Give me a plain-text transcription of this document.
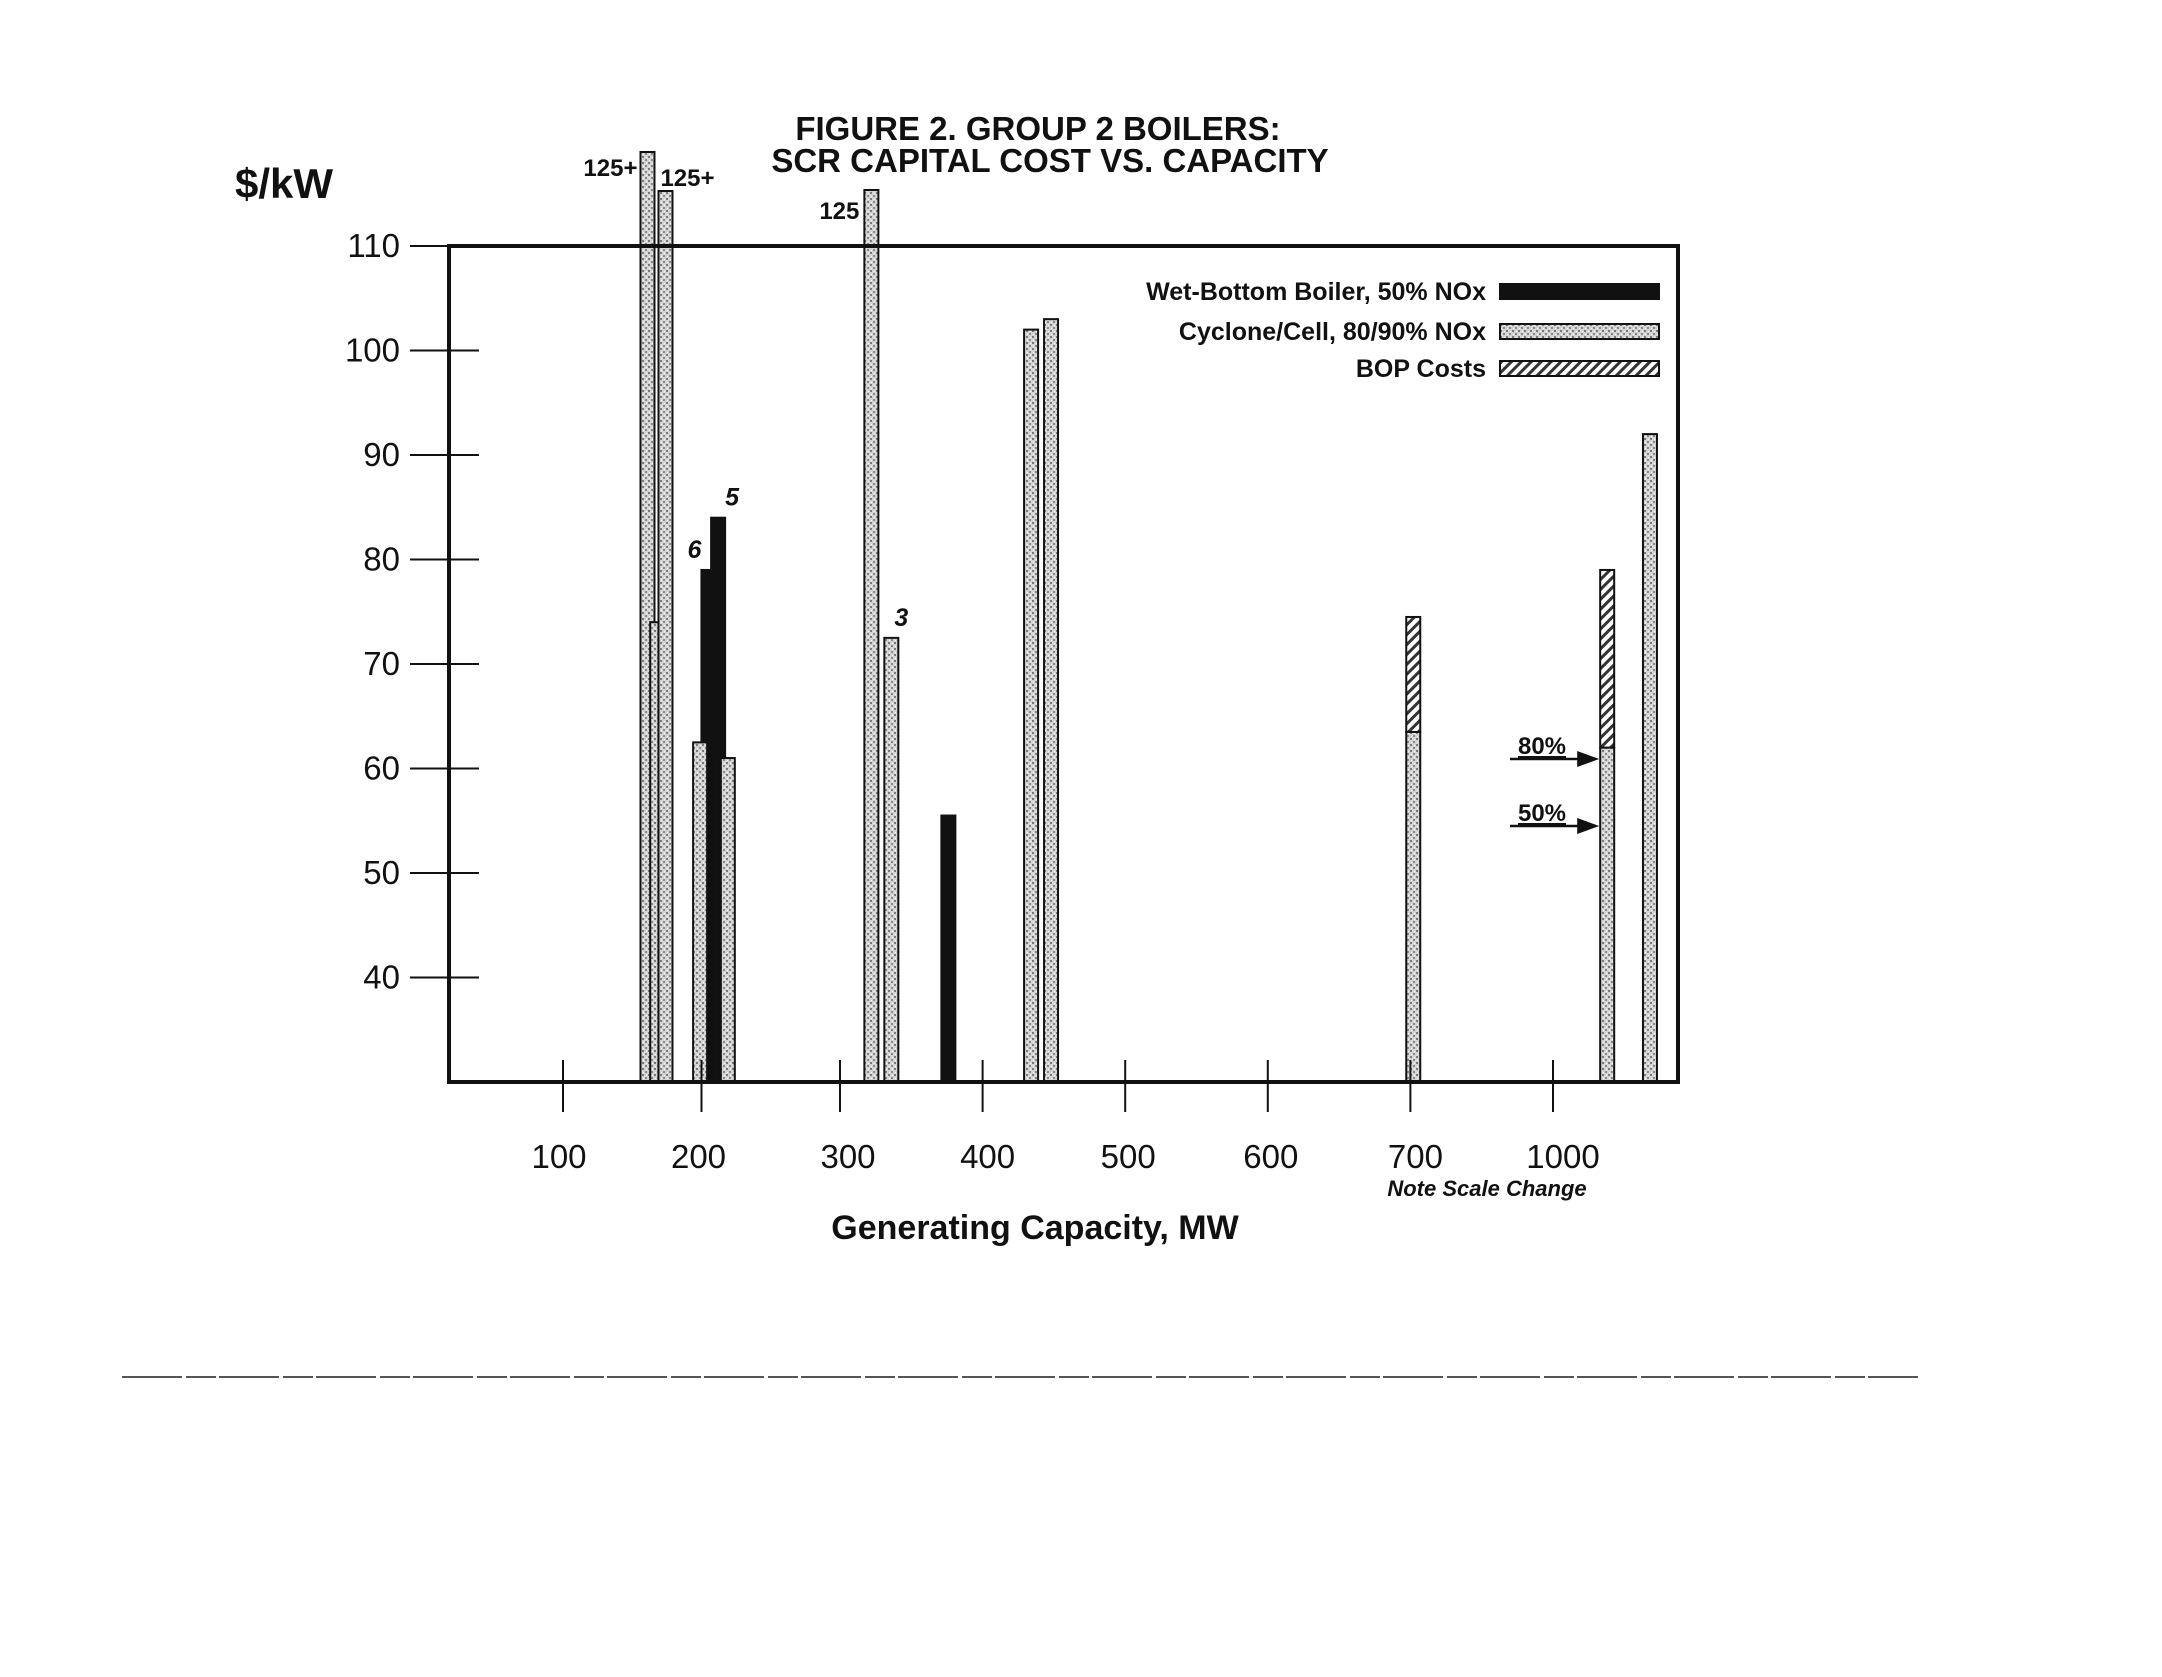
FIGURE 2. GROUP 2 BOILERS:
SCR CAPITAL COST VS. CAPACITY
$/kW
6
5
125+ 125+
125
3
40
50
60
70
80
90
100
110
100	200	300	400	500	600	700	1000
Note Scale Change
Generating Capacity, MW
Wet-Bottom Boiler, 50% NOx
Cyclone/Cell, 80/90% NOx
BOP Costs
80%
50%
